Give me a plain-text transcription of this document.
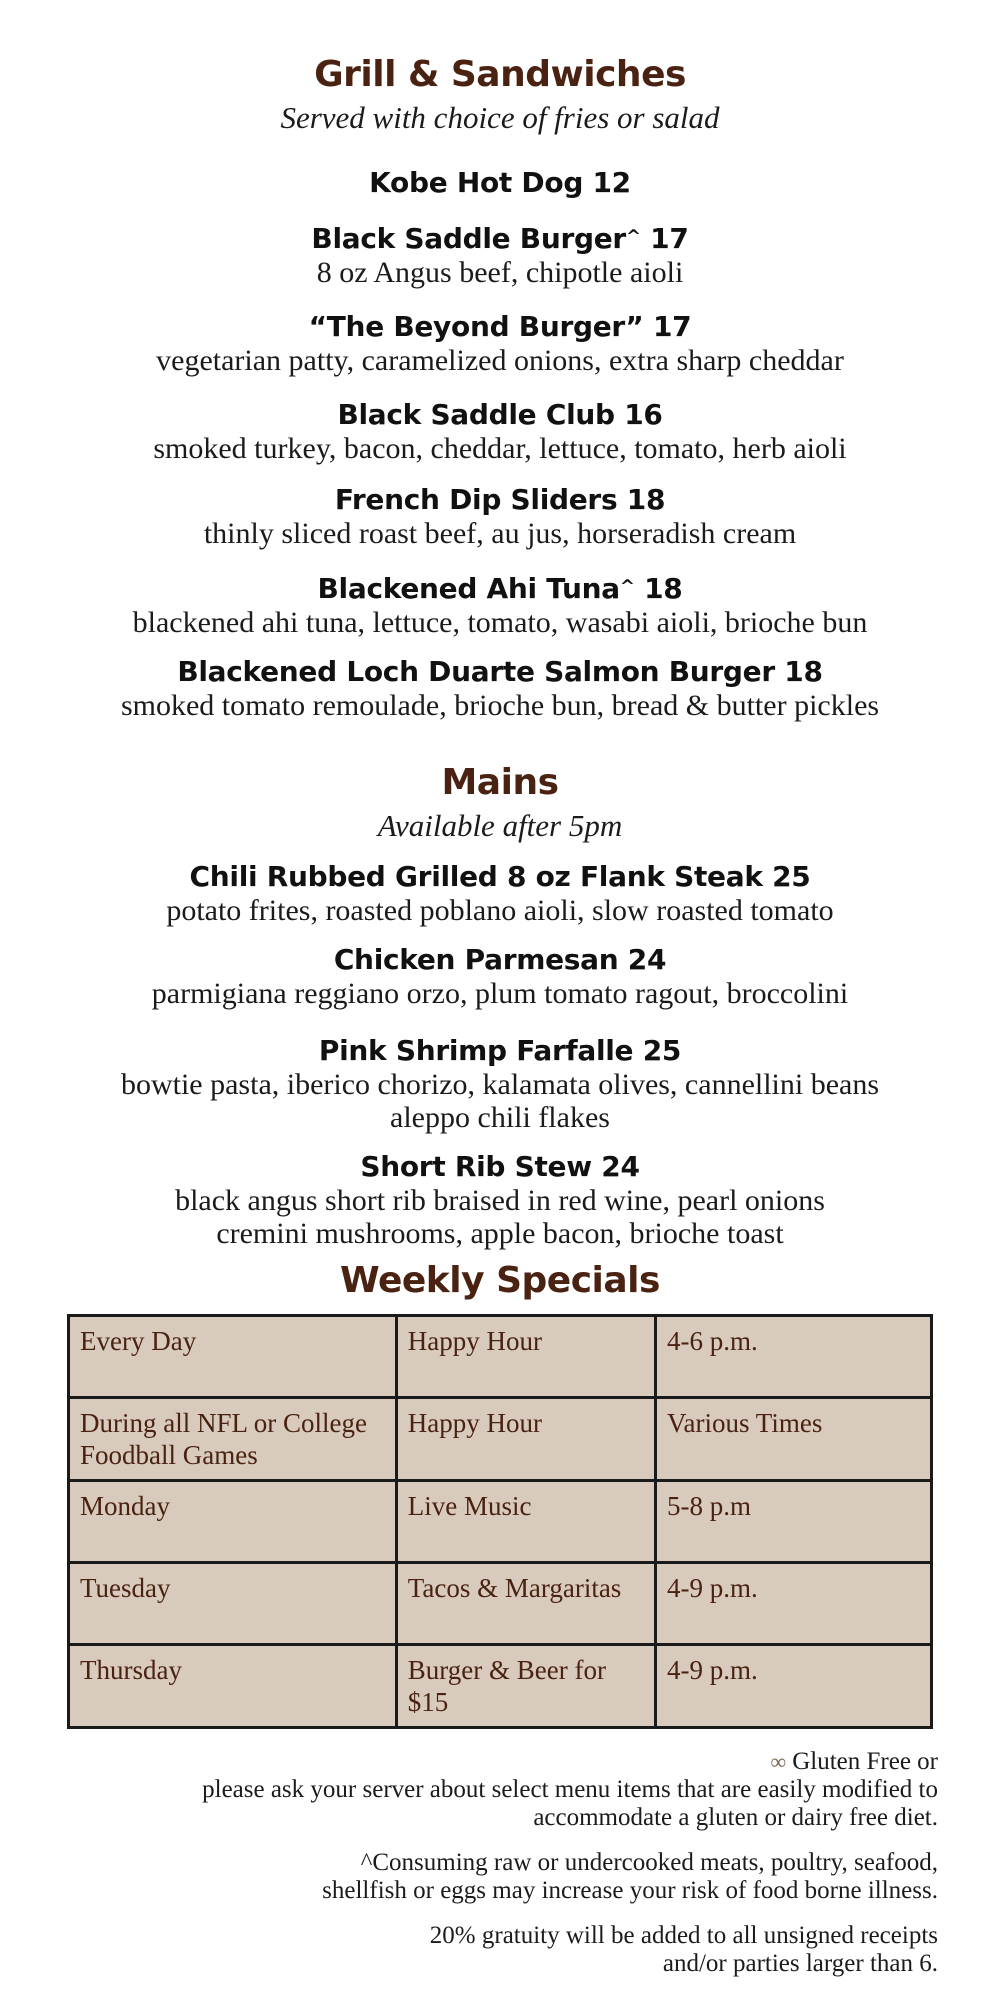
Grill & Sandwiches
Served with choice of fries or salad
Kobe Hot Dog 12
Black Saddle Burger^ 17
8 oz Angus beef, chipotle aioli
“The Beyond Burger” 17
vegetarian patty, caramelized onions, extra sharp cheddar
Black Saddle Club 16
smoked turkey, bacon, cheddar, lettuce, tomato, herb aioli
French Dip Sliders 18
thinly sliced roast beef, au jus, horseradish cream
Blackened Ahi Tuna^ 18
blackened ahi tuna, lettuce, tomato, wasabi aioli, brioche bun
Blackened Loch Duarte Salmon Burger 18
smoked tomato remoulade, brioche bun, bread & butter pickles
Mains
Available after 5pm
Chili Rubbed Grilled 8 oz Flank Steak 25
potato frites, roasted poblano aioli, slow roasted tomato
Chicken Parmesan 24
parmigiana reggiano orzo, plum tomato ragout, broccolini
Pink Shrimp Farfalle 25
bowtie pasta, iberico chorizo, kalamata olives, cannellini beans
aleppo chili flakes
Short Rib Stew 24
black angus short rib braised in red wine, pearl onions
cremini mushrooms, apple bacon, brioche toast
Weekly Specials
Every Day	Happy Hour	4-6 p.m.
During all NFL or College Foodball Games	Happy Hour	Various Times
Monday	Live Music	5-8 p.m
Tuesday	Tacos & Margaritas	4-9 p.m.
Thursday	Burger & Beer for $15	4-9 p.m.
∞ Gluten Free or
please ask your server about select menu items that are easily modified to
accommodate a gluten or dairy free diet.
^Consuming raw or undercooked meats, poultry, seafood,
shellfish or eggs may increase your risk of food borne illness.
20% gratuity will be added to all unsigned receipts
and/or parties larger than 6.
